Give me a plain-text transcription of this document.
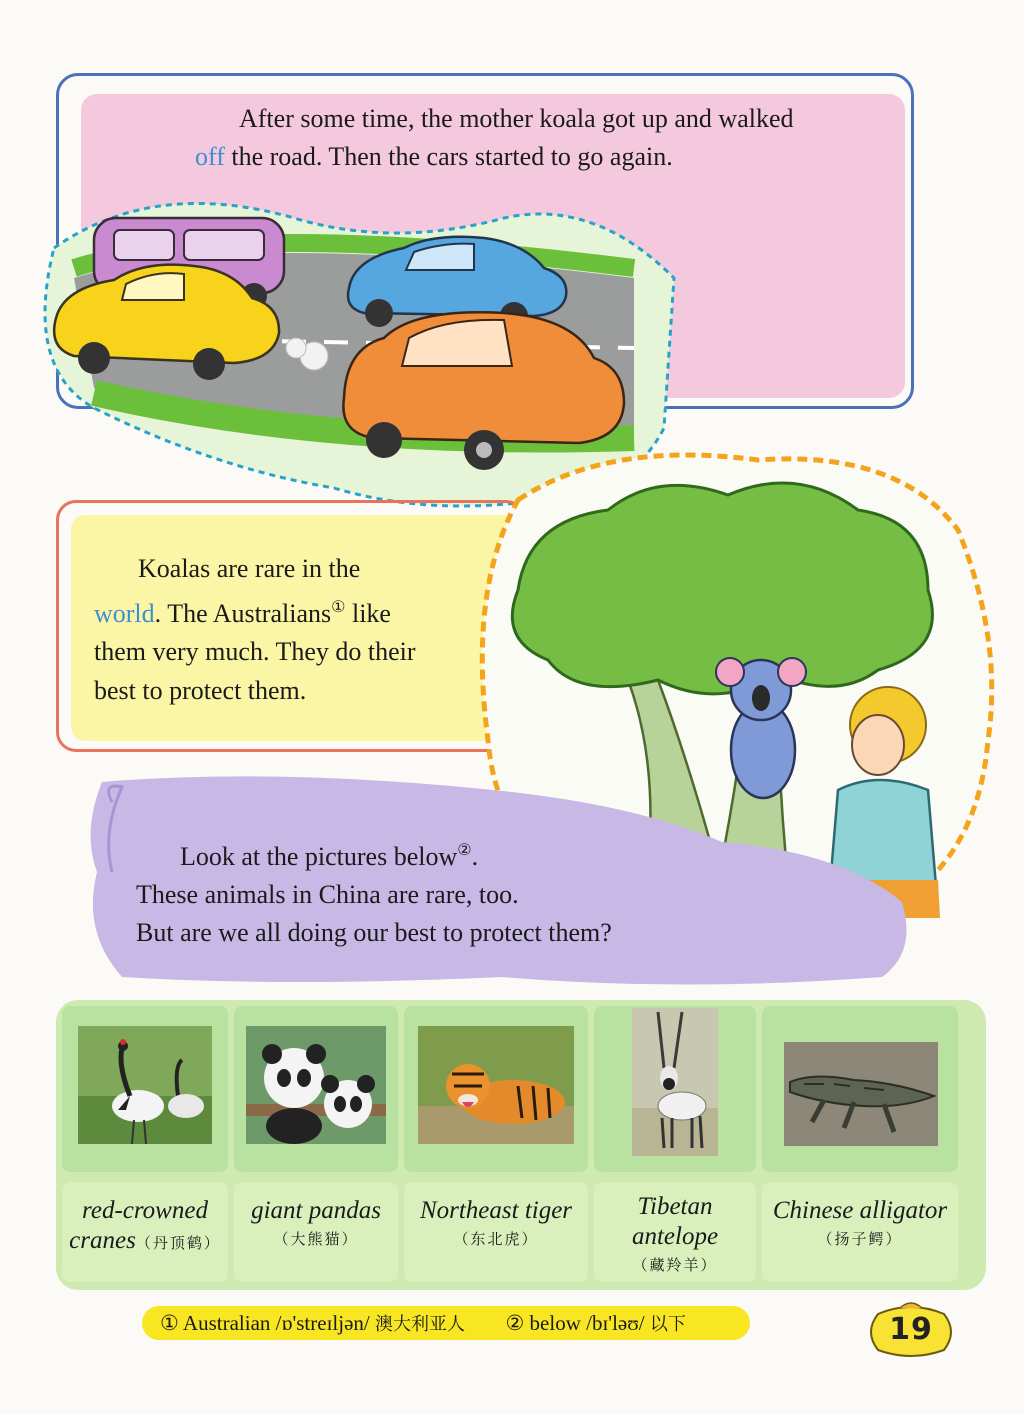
After some time, the mother koala got up and walked
off the road. Then the cars started to go again.
Koalas are rare in the
world. The Australians① like
them very much. They do their
best to protect them.
Look at the pictures below②.
These animals in China are rare, too.
But are we all doing our best to protect them?
red-crowned
cranes（丹顶鹤）
giant pandas
（大熊猫）
Northeast tiger
（东北虎）
Tibetan
antelope
（藏羚羊）
Chinese alligator
（扬子鳄）
① Australian /ɒ'streɪljən/ 澳大利亚人 ② below /bɪ'ləʊ/ 以下	19
